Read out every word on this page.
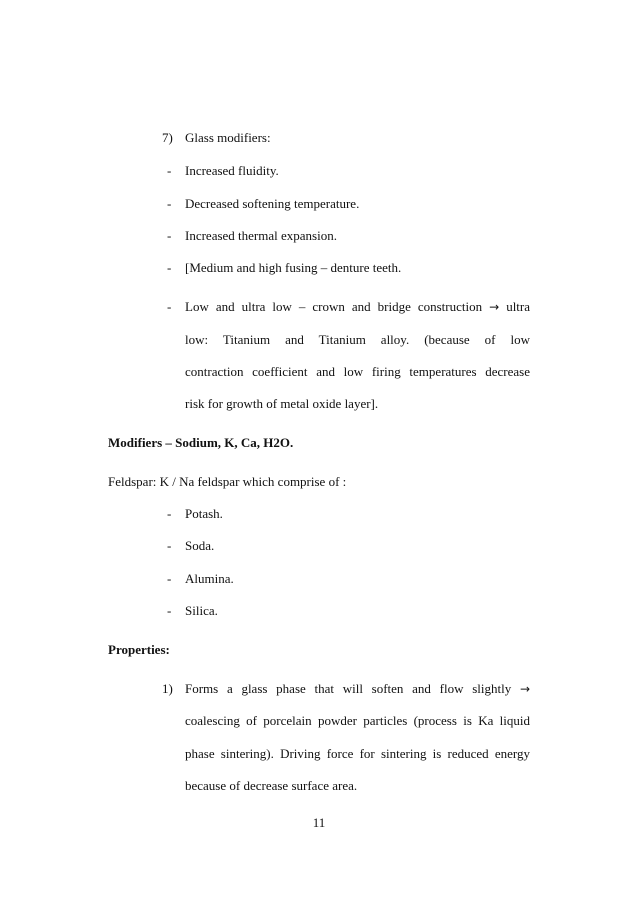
7) Glass modifiers:
- Increased fluidity.
- Decreased softening temperature.
- Increased thermal expansion.
- [Medium and high fusing – denture teeth.
- Low and ultra low – crown and bridge construction → ultra
low: Titanium and Titanium alloy. (because of low
contraction coefficient and low firing temperatures decrease
risk for growth of metal oxide layer].
Modifiers – Sodium, K, Ca, H2O.
Feldspar: K / Na feldspar which comprise of :
- Potash.
- Soda.
- Alumina.
- Silica.
Properties:
1) Forms a glass phase that will soften and flow slightly →
coalescing of porcelain powder particles (process is Ka liquid
phase sintering). Driving force for sintering is reduced energy
because of decrease surface area.
11
